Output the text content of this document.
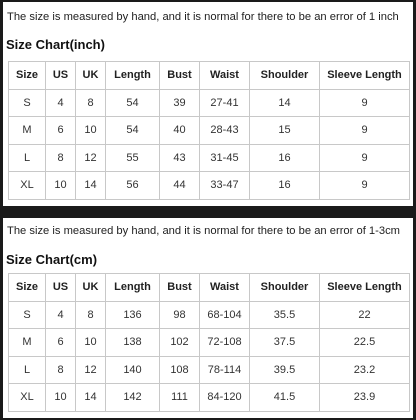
The size is measured by hand, and it is normal for there to be an error of 1 inch
Size Chart(inch)
Size	US	UK	Length	Bust	Waist	Shoulder	Sleeve Length
S	4	8	54	39	27-41	14	9
M	6	10	54	40	28-43	15	9
L	8	12	55	43	31-45	16	9
XL	10	14	56	44	33-47	16	9
The size is measured by hand, and it is normal for there to be an error of 1-3cm
Size Chart(cm)
Size	US	UK	Length	Bust	Waist	Shoulder	Sleeve Length
S	4	8	136	98	68-104	35.5	22
M	6	10	138	102	72-108	37.5	22.5
L	8	12	140	108	78-114	39.5	23.2
XL	10	14	142	111	84-120	41.5	23.9
